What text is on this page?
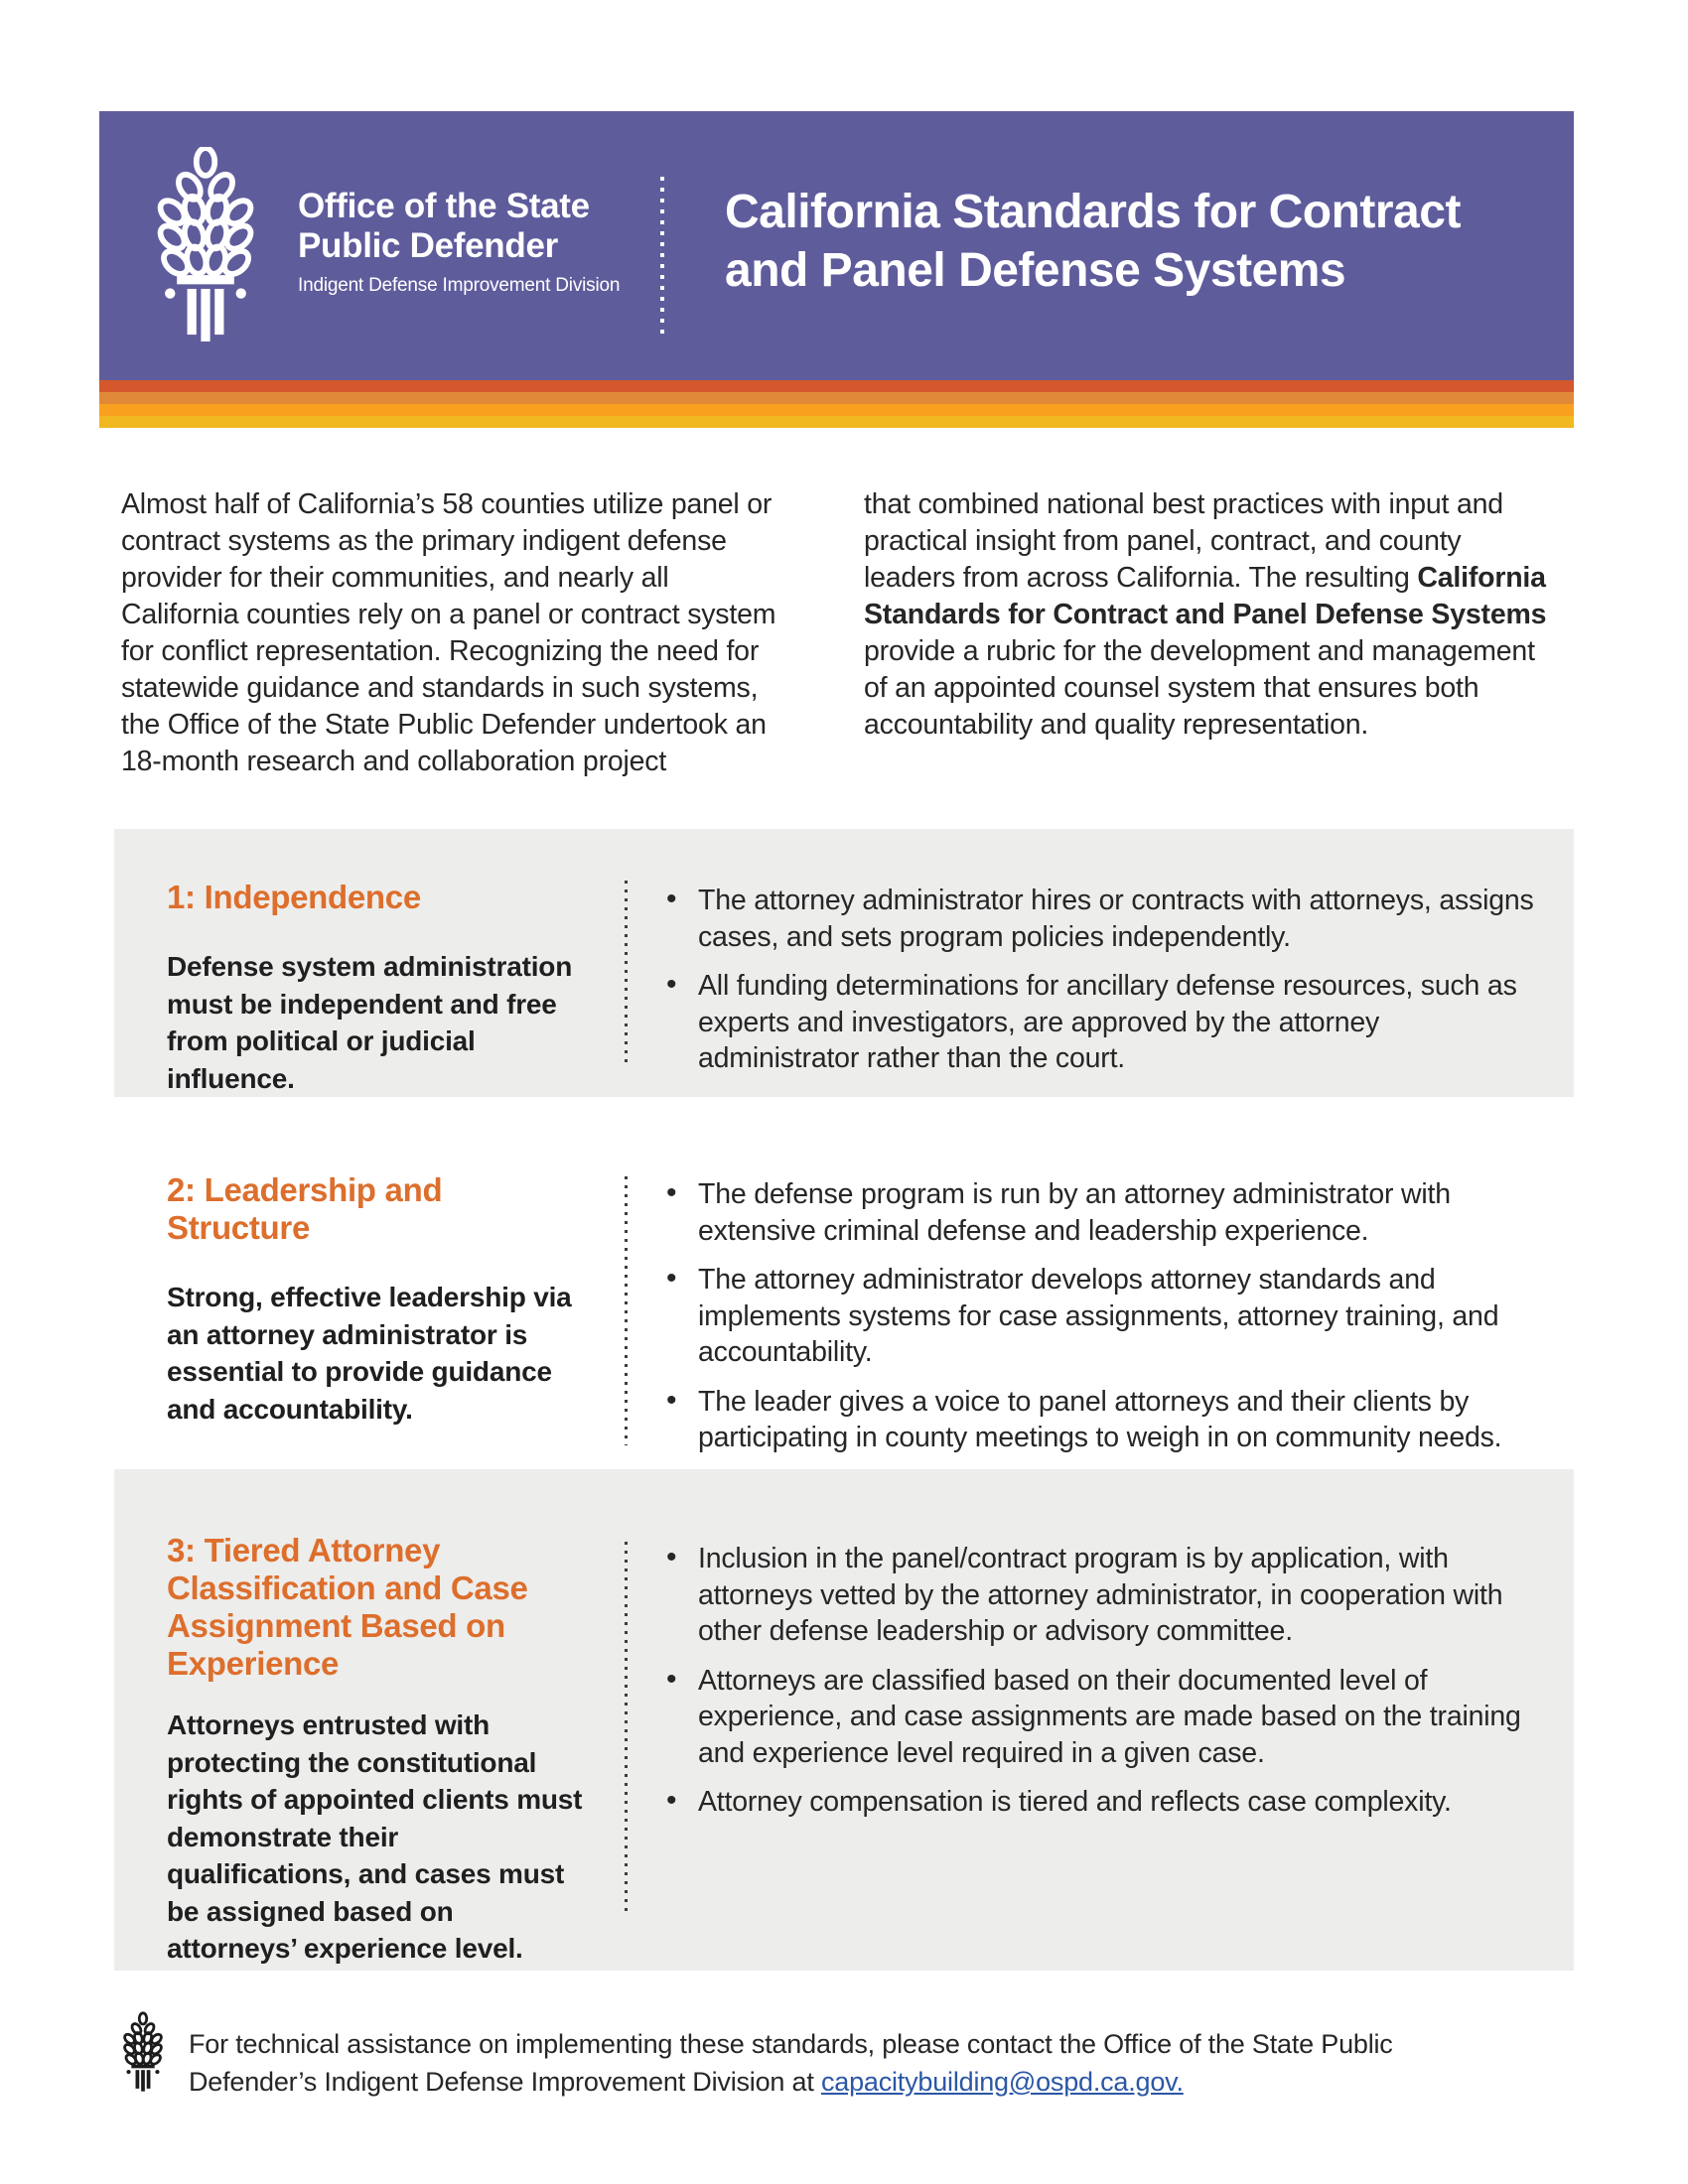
Office of the State
Public Defender
Indigent Defense Improvement Division
California Standards for Contract
and Panel Defense Systems
Almost half of California’s 58 counties utilize panel or contract systems as the primary indigent defense provider for their communities, and nearly all California counties rely on a panel or contract system for conflict representation. Recognizing the need for statewide guidance and standards in such systems, the Office of the State Public Defender undertook an 18-month research and collaboration project
that combined national best practices with input and practical insight from panel, contract, and county leaders from across California. The resulting California Standards for Contract and Panel Defense Systems provide a rubric for the development and management of an appointed counsel system that ensures both accountability and quality representation.
1: Independence
Defense system administration must be independent and free from political or judicial influence.
• The attorney administrator hires or contracts with attorneys, assigns cases, and sets program policies independently.
• All funding determinations for ancillary defense resources, such as experts and investigators, are approved by the attorney administrator rather than the court.
2: Leadership and Structure
Strong, effective leadership via an attorney administrator is essential to provide guidance and accountability.
• The defense program is run by an attorney administrator with extensive criminal defense and leadership experience.
• The attorney administrator develops attorney standards and implements systems for case assignments, attorney training, and accountability.
• The leader gives a voice to panel attorneys and their clients by participating in county meetings to weigh in on community needs.
3: Tiered Attorney Classification and Case Assignment Based on Experience
Attorneys entrusted with protecting the constitutional rights of appointed clients must demonstrate their qualifications, and cases must be assigned based on attorneys’ experience level.
• Inclusion in the panel/contract program is by application, with attorneys vetted by the attorney administrator, in cooperation with other defense leadership or advisory committee.
• Attorneys are classified based on their documented level of experience, and case assignments are made based on the training and experience level required in a given case.
• Attorney compensation is tiered and reflects case complexity.
For technical assistance on implementing these standards, please contact the Office of the State Public Defender’s Indigent Defense Improvement Division at capacitybuilding@ospd.ca.gov.
